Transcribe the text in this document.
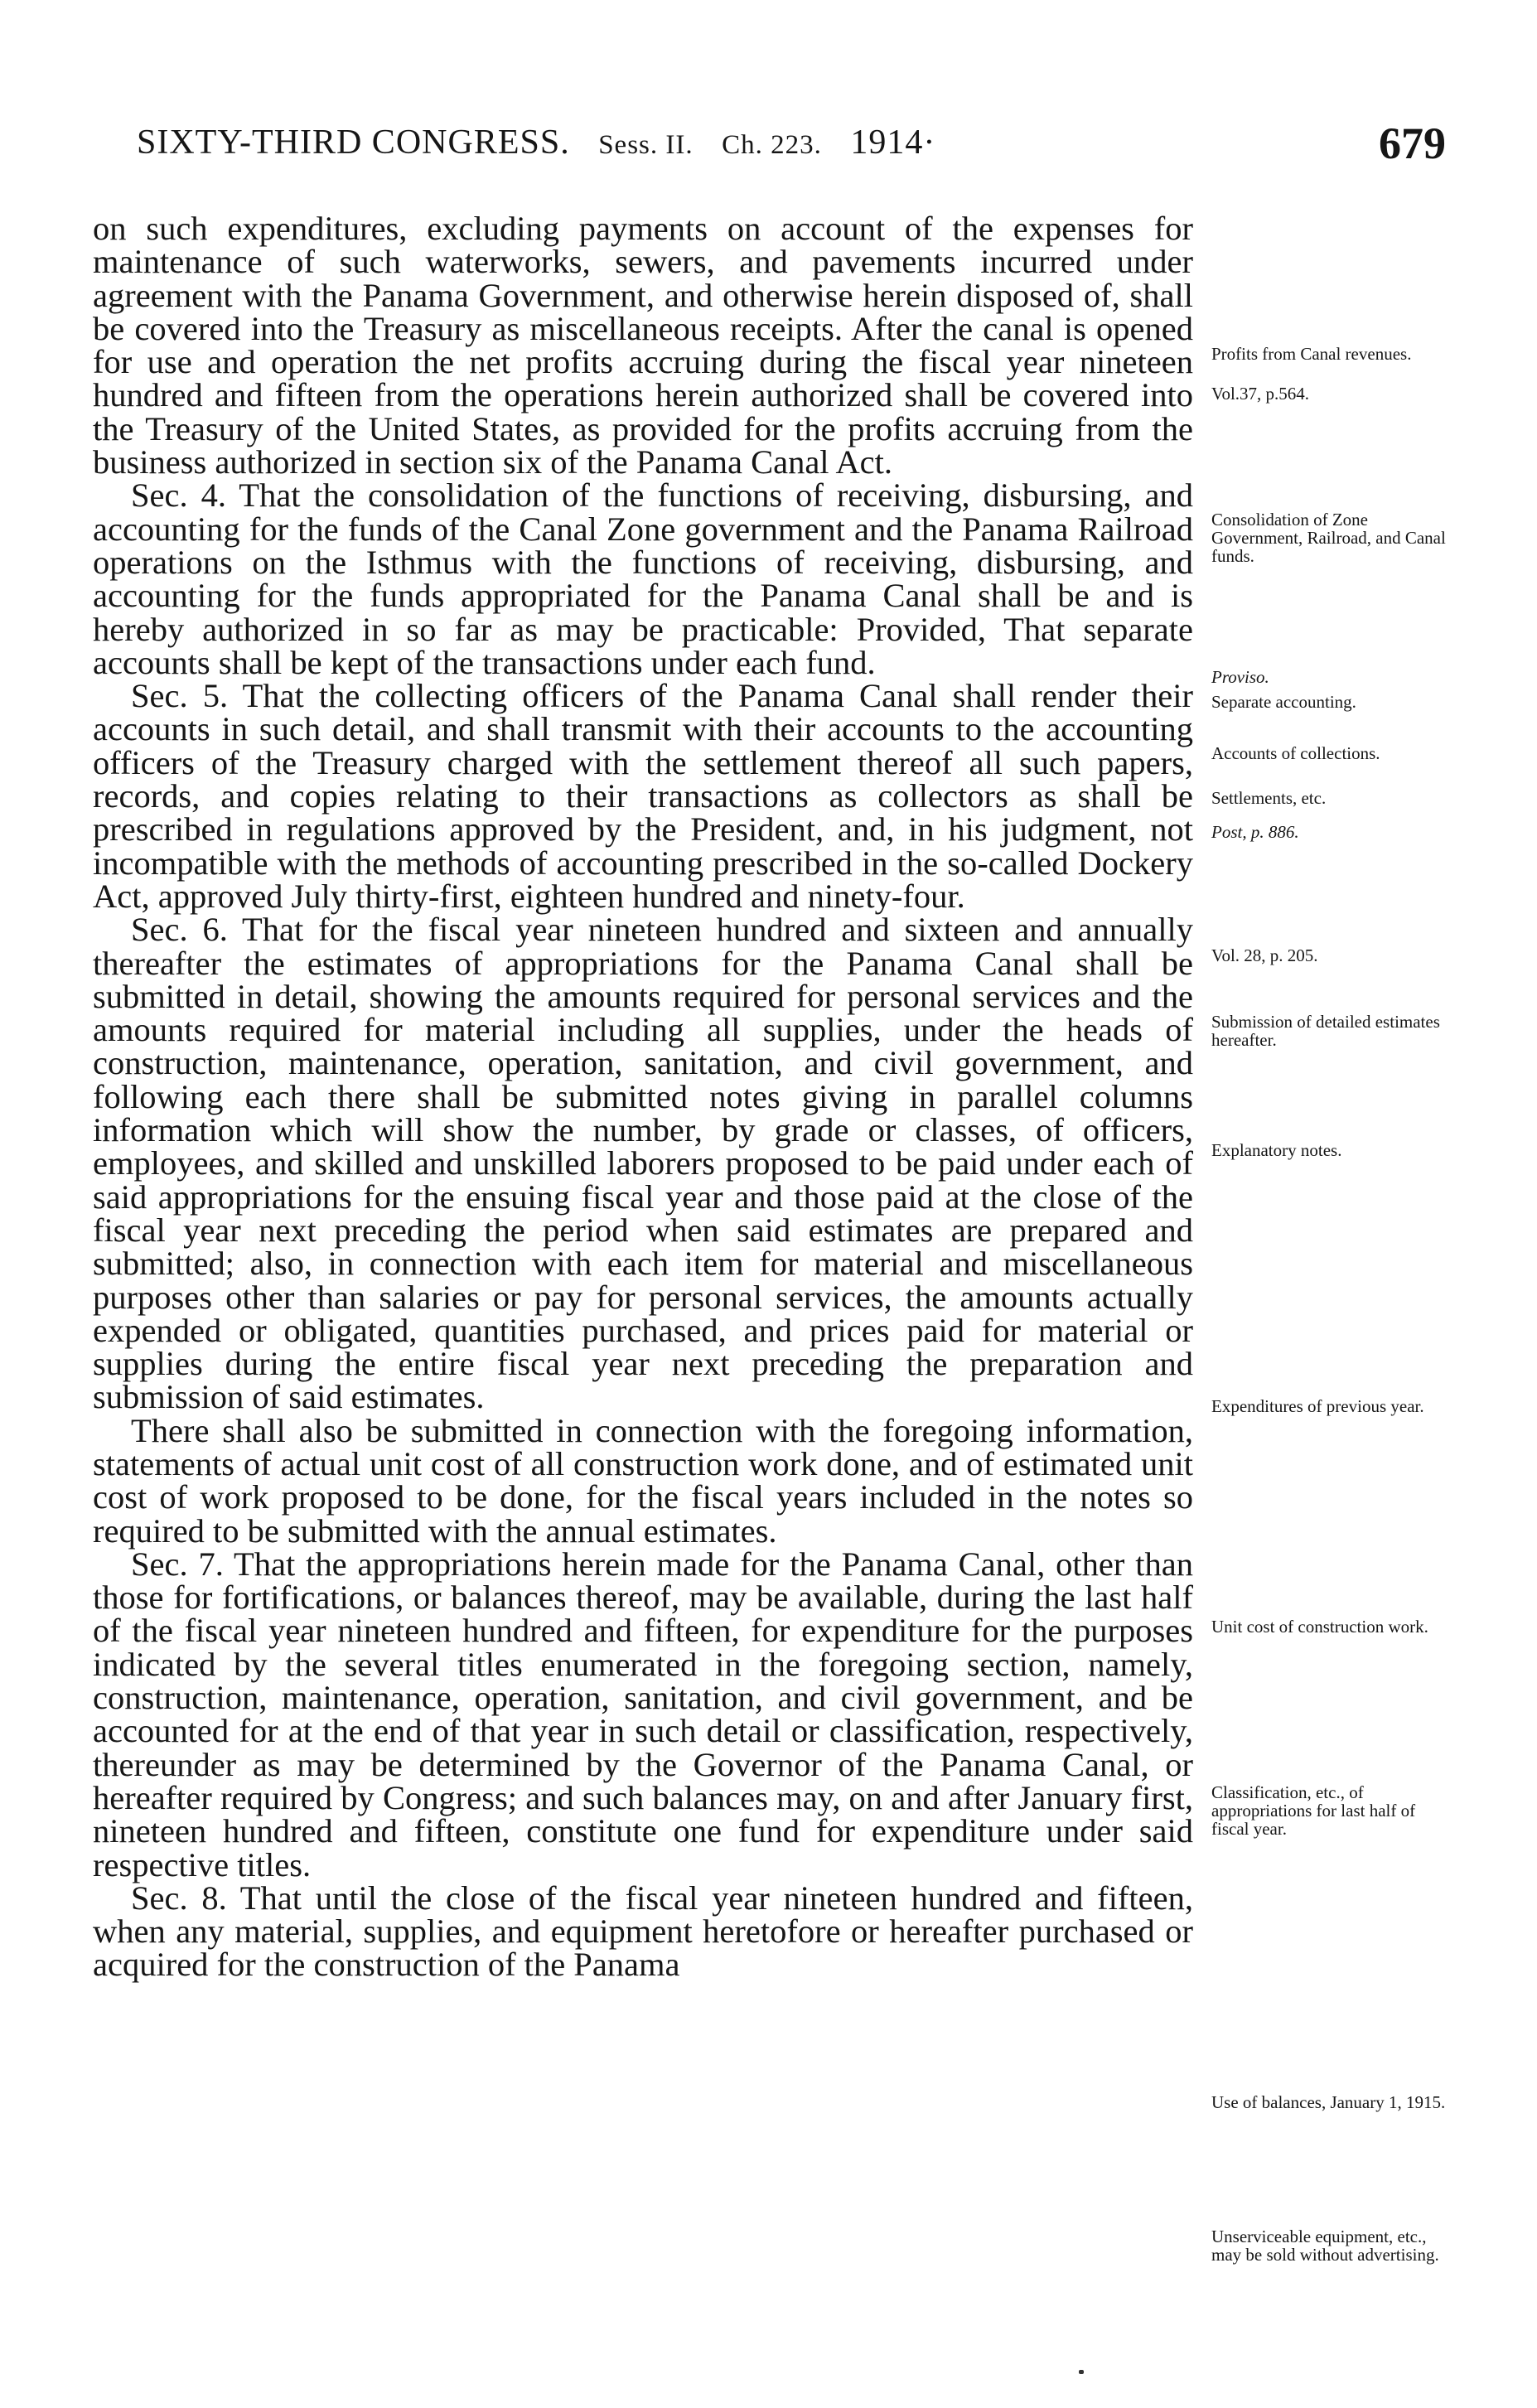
SIXTY-THIRD CONGRESS. Sess. II. Ch. 223. 1914·	679

on such expenditures, excluding payments on account of the expenses for maintenance of such waterworks, sewers, and pavements incurred under agreement with the Panama Government, and otherwise herein disposed of, shall be covered into the Treasury as miscellaneous receipts. After the canal is opened for use and operation the net profits accruing during the fiscal year nineteen hundred and fifteen from the operations herein authorized shall be covered into the Treasury of the United States, as provided for the profits accruing from the business authorized in section six of the Panama Canal Act.

Sec. 4. That the consolidation of the functions of receiving, disbursing, and accounting for the funds of the Canal Zone government and the Panama Railroad operations on the Isthmus with the functions of receiving, disbursing, and accounting for the funds appropriated for the Panama Canal shall be and is hereby authorized in so far as may be practicable: Provided, That separate accounts shall be kept of the transactions under each fund.

Sec. 5. That the collecting officers of the Panama Canal shall render their accounts in such detail, and shall transmit with their accounts to the accounting officers of the Treasury charged with the settlement thereof all such papers, records, and copies relating to their transactions as collectors as shall be prescribed in regulations approved by the President, and, in his judgment, not incompatible with the methods of accounting prescribed in the so-called Dockery Act, approved July thirty-first, eighteen hundred and ninety-four.

Sec. 6. That for the fiscal year nineteen hundred and sixteen and annually thereafter the estimates of appropriations for the Panama Canal shall be submitted in detail, showing the amounts required for personal services and the amounts required for material including all supplies, under the heads of construction, maintenance, operation, sanitation, and civil government, and following each there shall be submitted notes giving in parallel columns information which will show the number, by grade or classes, of officers, employees, and skilled and unskilled laborers proposed to be paid under each of said appropriations for the ensuing fiscal year and those paid at the close of the fiscal year next preceding the period when said estimates are prepared and submitted; also, in connection with each item for material and miscellaneous purposes other than salaries or pay for personal services, the amounts actually expended or obligated, quantities purchased, and prices paid for material or supplies during the entire fiscal year next preceding the preparation and submission of said estimates.

There shall also be submitted in connection with the foregoing information, statements of actual unit cost of all construction work done, and of estimated unit cost of work proposed to be done, for the fiscal years included in the notes so required to be submitted with the annual estimates.

Sec. 7. That the appropriations herein made for the Panama Canal, other than those for fortifications, or balances thereof, may be available, during the last half of the fiscal year nineteen hundred and fifteen, for expenditure for the purposes indicated by the several titles enumerated in the foregoing section, namely, construction, maintenance, operation, sanitation, and civil government, and be accounted for at the end of that year in such detail or classification, respectively, thereunder as may be determined by the Governor of the Panama Canal, or hereafter required by Congress; and such balances may, on and after January first, nineteen hundred and fifteen, constitute one fund for expenditure under said respective titles.

Sec. 8. That until the close of the fiscal year nineteen hundred and fifteen, when any material, supplies, and equipment heretofore or hereafter purchased or acquired for the construction of the Panama

Profits from Canal revenues.
Vol.37, p.564.
Consolidation of Zone Government, Railroad, and Canal funds.
Proviso.
Separate accounting.
Accounts of collections.
Settlements, etc.
Post, p. 886.
Vol. 28, p. 205.
Submission of detailed estimates hereafter.
Explanatory notes.
Expenditures of previous year.
Unit cost of construction work.
Classification, etc., of appropriations for last half of fiscal year.
Use of balances, January 1, 1915.
Unserviceable equipment, etc., may be sold without advertising.
